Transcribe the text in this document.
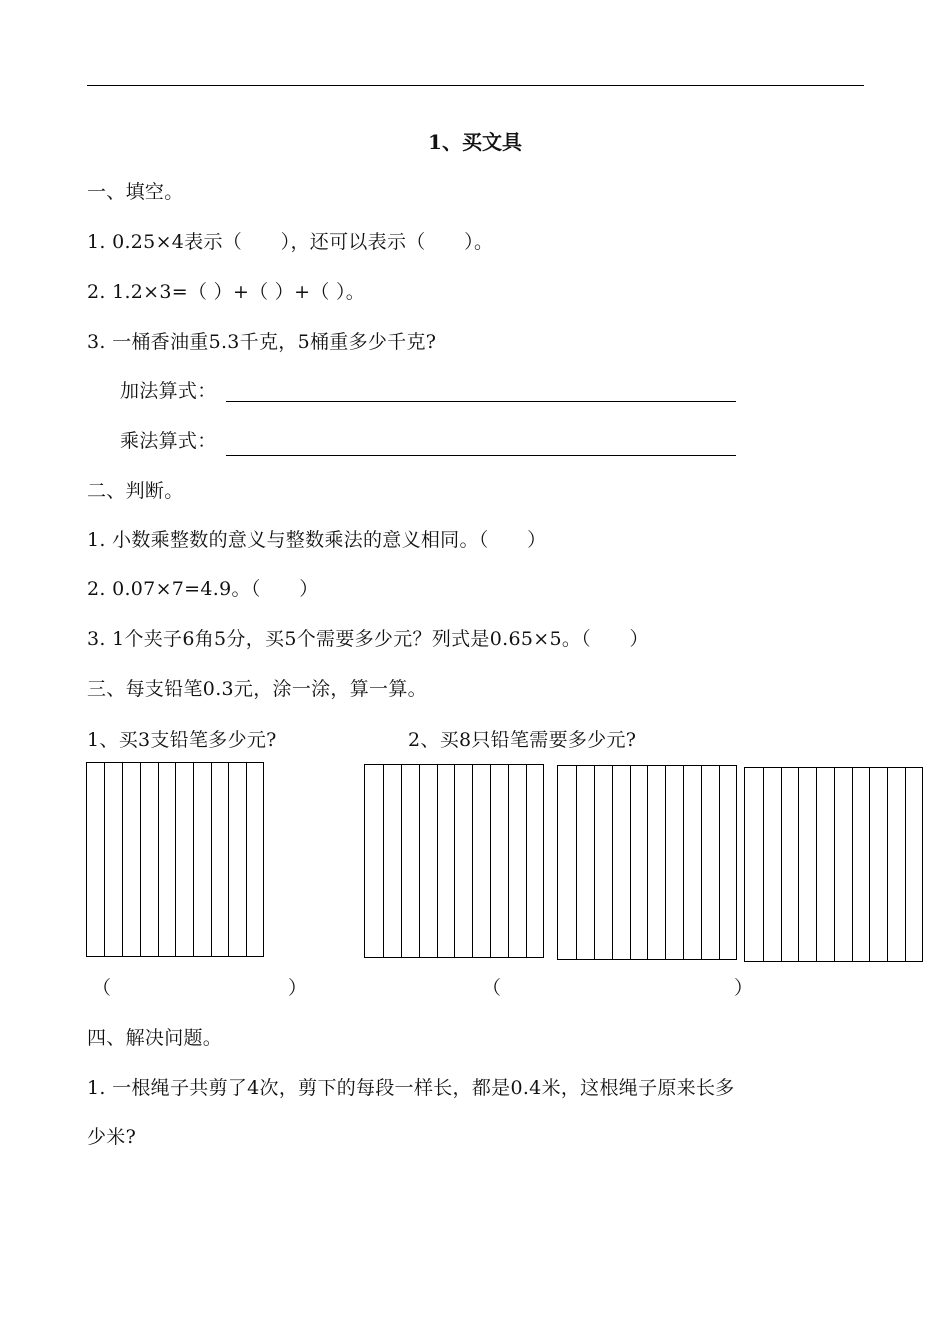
1、买文具
一、填空。
1. 0.25×4表示（　　），还可以表示（　　）。
2. 1.2×3=（ ）+（ ）+（ ）。
3. 一桶香油重5.3千克，5桶重多少千克?
加法算式：
乘法算式：
二、判断。
1. 小数乘整数的意义与整数乘法的意义相同。（　　）
2. 0.07×7=4.9。（　　）
3. 1个夹子6角5分，买5个需要多少元？列式是0.65×5。（　　）
三、每支铅笔0.3元，涂一涂，算一算。
1、买3支铅笔多少元?	2、买8只铅笔需要多少元?
（	）	（	）
四、解决问题。
1. 一根绳子共剪了4次，剪下的每段一样长，都是0.4米，这根绳子原来长多
少米?
